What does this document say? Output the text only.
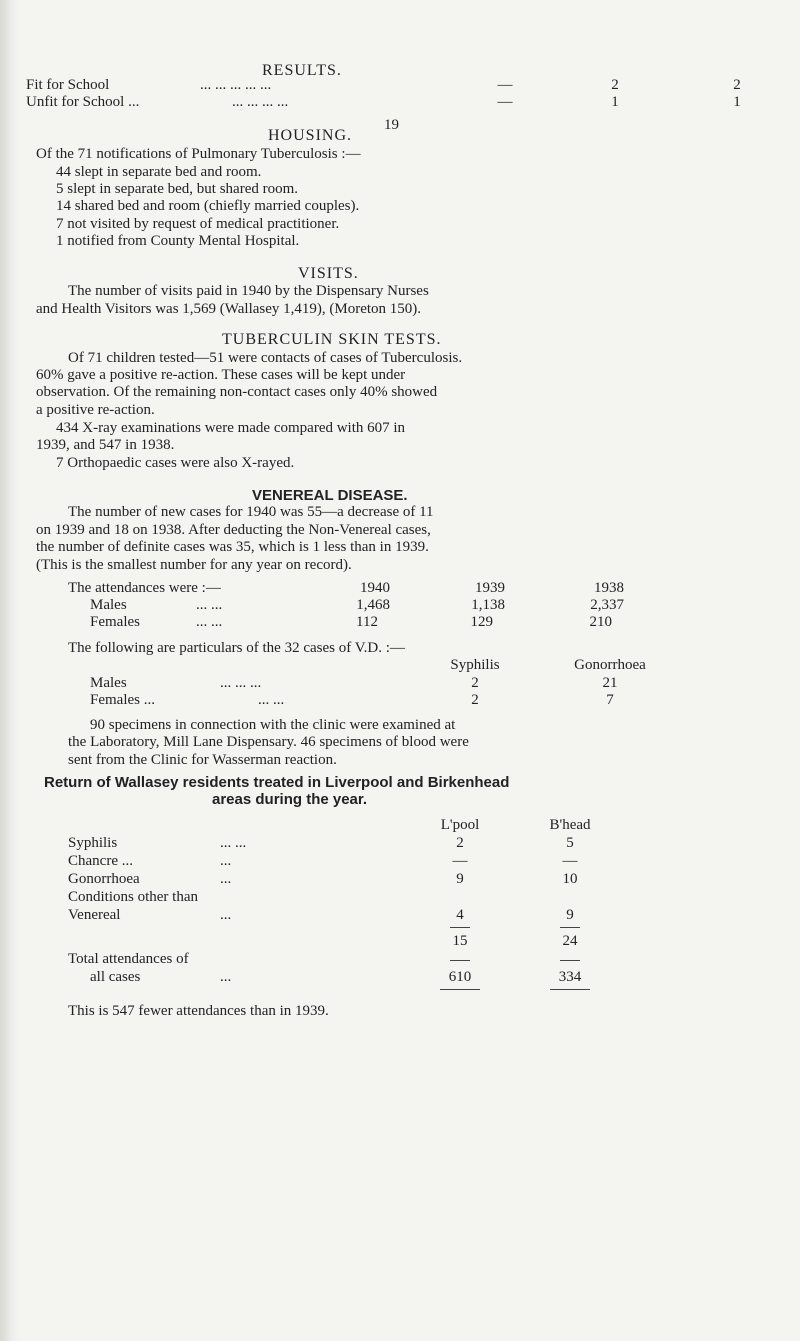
19
RESULTS.
Fit for School	... ... ... ... ...	—	2	2
Unfit for School ...	... ... ... ...	—	1	1
HOUSING.
Of the 71 notifications of Pulmonary Tuberculosis :—
44 slept in separate bed and room.
5 slept in separate bed, but shared room.
14 shared bed and room (chiefly married couples).
7 not visited by request of medical practitioner.
1 notified from County Mental Hospital.
VISITS.
The number of visits paid in 1940 by the Dispensary Nurses
and Health Visitors was 1,569 (Wallasey 1,419), (Moreton 150).
TUBERCULIN SKIN TESTS.
Of 71 children tested—51 were contacts of cases of Tuberculosis.
60% gave a positive re-action. These cases will be kept under
observation. Of the remaining non-contact cases only 40% showed
a positive re-action.
434 X-ray examinations were made compared with 607 in
1939, and 547 in 1938.
7 Orthopaedic cases were also X-rayed.
VENEREAL DISEASE.
The number of new cases for 1940 was 55—a decrease of 11
on 1939 and 18 on 1938. After deducting the Non-Venereal cases,
the number of definite cases was 35, which is 1 less than in 1939.
(This is the smallest number for any year on record).
The attendances were :—	1940	1939	1938
Males	... ...	1,468	1,138	2,337
Females	... ...	112	129	210
The following are particulars of the 32 cases of V.D. :—
Syphilis	Gonorrhoea
Males	... ... ...	2	21
Females ...	... ...	2	7
90 specimens in connection with the clinic were examined at
the Laboratory, Mill Lane Dispensary. 46 specimens of blood were
sent from the Clinic for Wasserman reaction.
Return of Wallasey residents treated in Liverpool and Birkenhead
areas during the year.
L'pool	B'head
Syphilis	... ...	2	5
Chancre ...	...	—	—
Gonorrhoea	...	9	10
Conditions other than
Venereal	...	4	9
15	24
Total attendances of
all cases	...	610	334
This is 547 fewer attendances than in 1939.
